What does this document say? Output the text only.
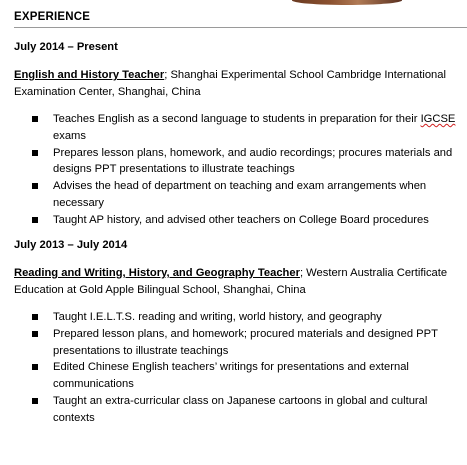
EXPERIENCE
July 2014 – Present
English and History Teacher; Shanghai Experimental School Cambridge International Examination Center, Shanghai, China
Teaches English as a second language to students in preparation for their IGCSE exams
Prepares lesson plans, homework, and audio recordings; procures materials and designs PPT presentations to illustrate teachings
Advises the head of department on teaching and exam arrangements when necessary
Taught AP history, and advised other teachers on College Board procedures
July 2013 – July 2014
Reading and Writing, History, and Geography Teacher; Western Australia Certificate Education at Gold Apple Bilingual School, Shanghai, China
Taught I.E.L.T.S. reading and writing, world history, and geography
Prepared lesson plans, and homework; procured materials and designed PPT presentations to illustrate teachings
Edited Chinese English teachers’ writings for presentations and external communications
Taught an extra-curricular class on Japanese cartoons in global and cultural contexts
